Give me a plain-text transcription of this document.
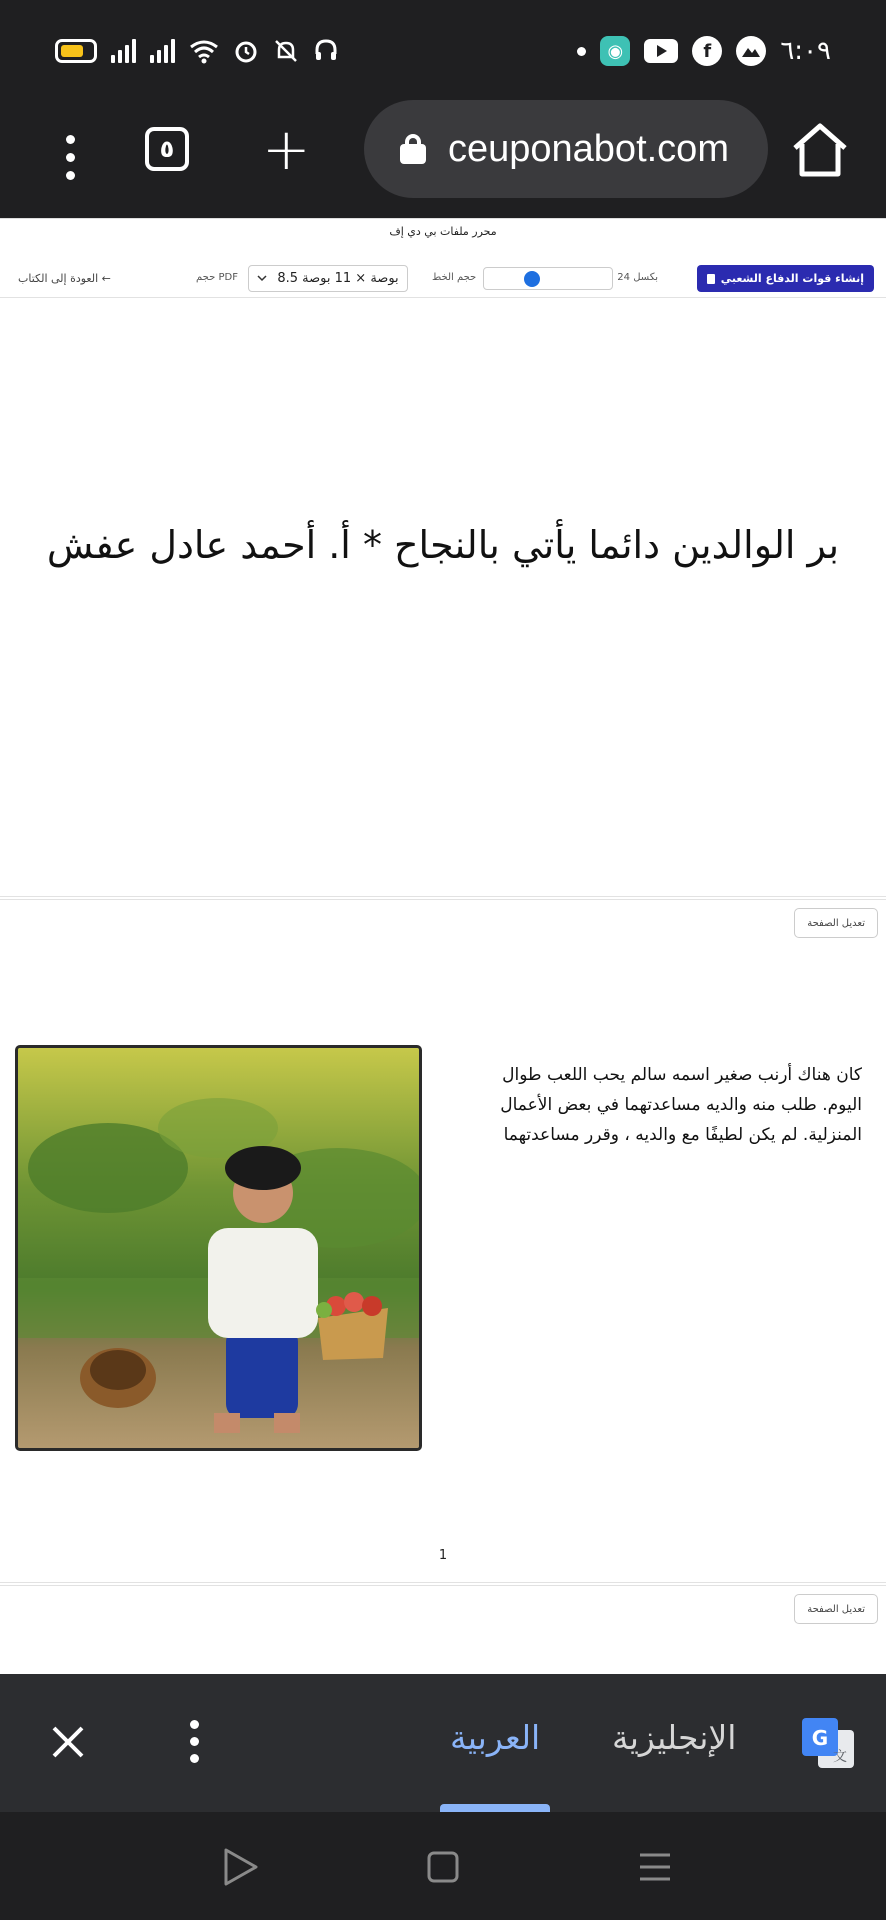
◉	f	٦:٠٩
٥ +	ceuponabot.com
محرر ملفات بي دي إف
إنشاء قوات الدفاع الشعبي
بكسل 24
حجم الخط
8.5 بوصة × 11 بوصة
حجم PDF
العودة إلى الكتاب ←
بر الوالدين دائما يأتي بالنجاح * أ. أحمد عادل عفش
تعديل الصفحة
كان هناك أرنب صغير اسمه سالم يحب اللعب طوال اليوم. طلب منه والديه مساعدتهما في بعض الأعمال المنزلية. لم يكن لطيفًا مع والديه ، وقرر مساعدتهما
1
تعديل الصفحة
العربية الإنجليزية	G
文
